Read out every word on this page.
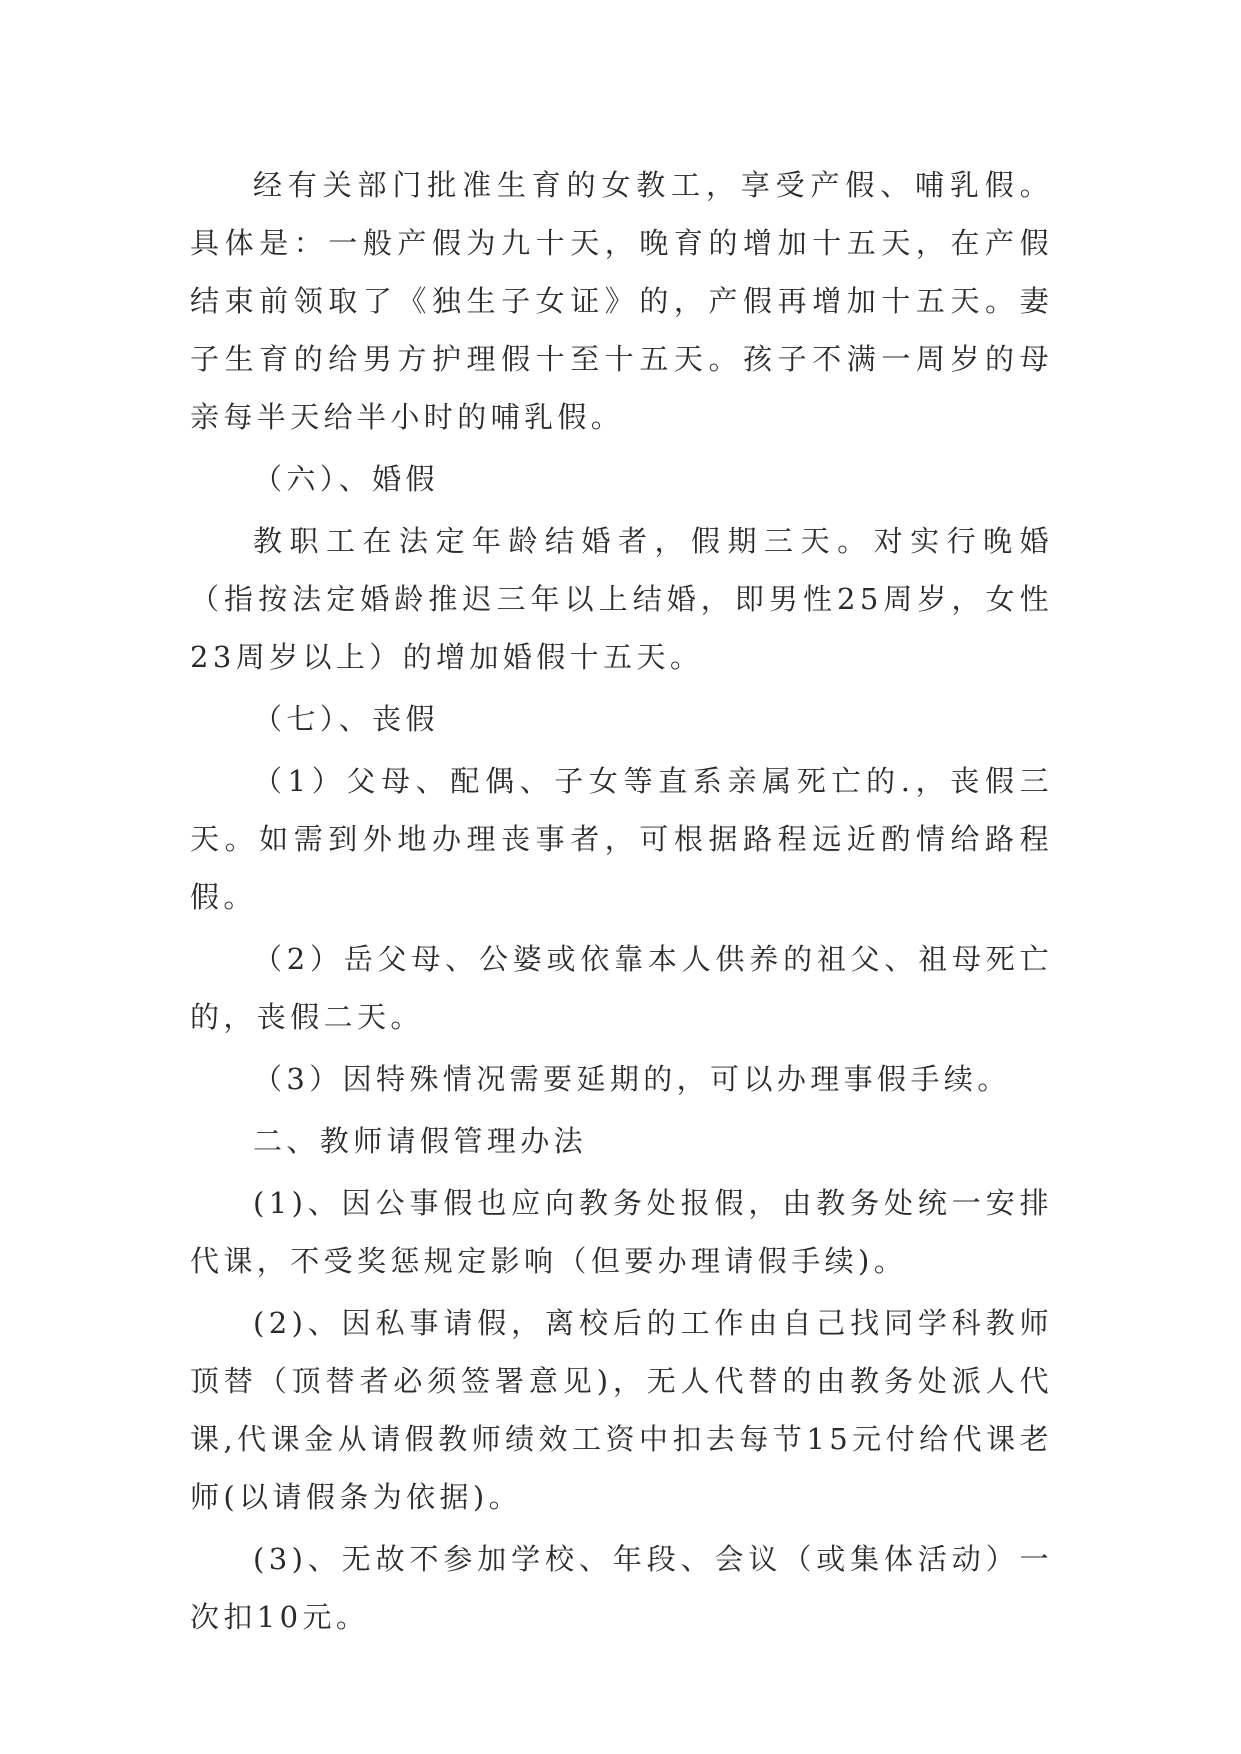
经有关部门批准生育的女教工，享受产假、哺乳假。具体是：一般产假为九十天，晚育的增加十五天，在产假结束前领取了《独生子女证》的，产假再增加十五天。妻子生育的给男方护理假十至十五天。孩子不满一周岁的母亲每半天给半小时的哺乳假。

（六）、婚假

教职工在法定年龄结婚者，假期三天。对实行晚婚（指按法定婚龄推迟三年以上结婚，即男性25周岁，女性23周岁以上）的增加婚假十五天。

（七）、丧假

（1）父母、配偶、子女等直系亲属死亡的.，丧假三天。如需到外地办理丧事者，可根据路程远近酌情给路程假。

（2）岳父母、公婆或依靠本人供养的祖父、祖母死亡的，丧假二天。

（3）因特殊情况需要延期的，可以办理事假手续。

二、教师请假管理办法

(1)、因公事假也应向教务处报假，由教务处统一安排代课，不受奖惩规定影响（但要办理请假手续)。

(2)、因私事请假，离校后的工作由自己找同学科教师顶替（顶替者必须签署意见)，无人代替的由教务处派人代课,代课金从请假教师绩效工资中扣去每节15元付给代课老师(以请假条为依据)。

(3)、无故不参加学校、年段、会议（或集体活动）一次扣10元。
